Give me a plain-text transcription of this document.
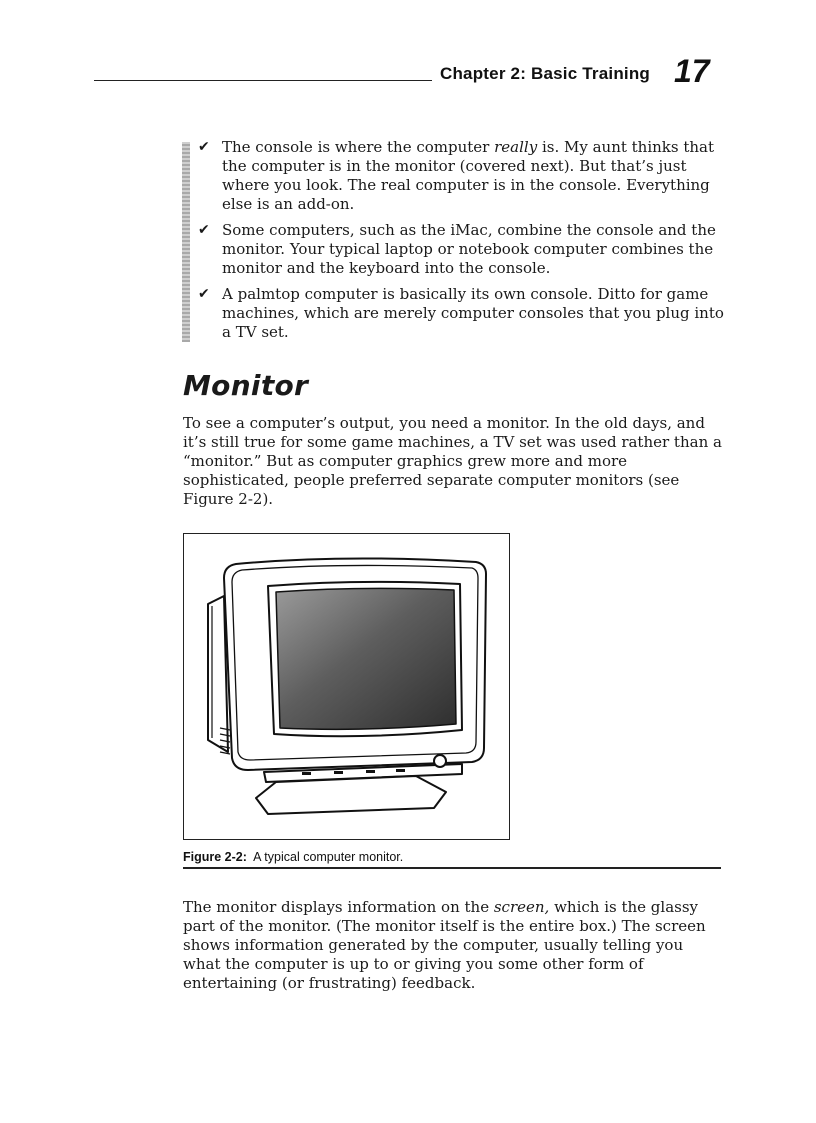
Chapter 2: Basic Training 17
✔ The console is where the computer really is. My aunt thinks that the computer is in the monitor (covered next). But that’s just where you look. The real computer is in the console. Everything else is an add-on.
✔ Some computers, such as the iMac, combine the console and the monitor. Your typical laptop or notebook computer combines the monitor and the keyboard into the console.
✔ A palmtop computer is basically its own console. Ditto for game machines, which are merely computer consoles that you plug into a TV set.
Monitor

To see a computer’s output, you need a monitor. In the old days, and it’s still true for some game machines, a TV set was used rather than a “monitor.” But as computer graphics grew more and more sophisticated, people preferred separate computer monitors (see Figure 2-2).

Figure 2-2: A typical computer monitor.

The monitor displays information on the screen, which is the glassy part of the monitor. (The monitor itself is the entire box.) The screen shows information generated by the computer, usually telling you what the computer is up to or giving you some other form of entertaining (or frustrating) feedback.
